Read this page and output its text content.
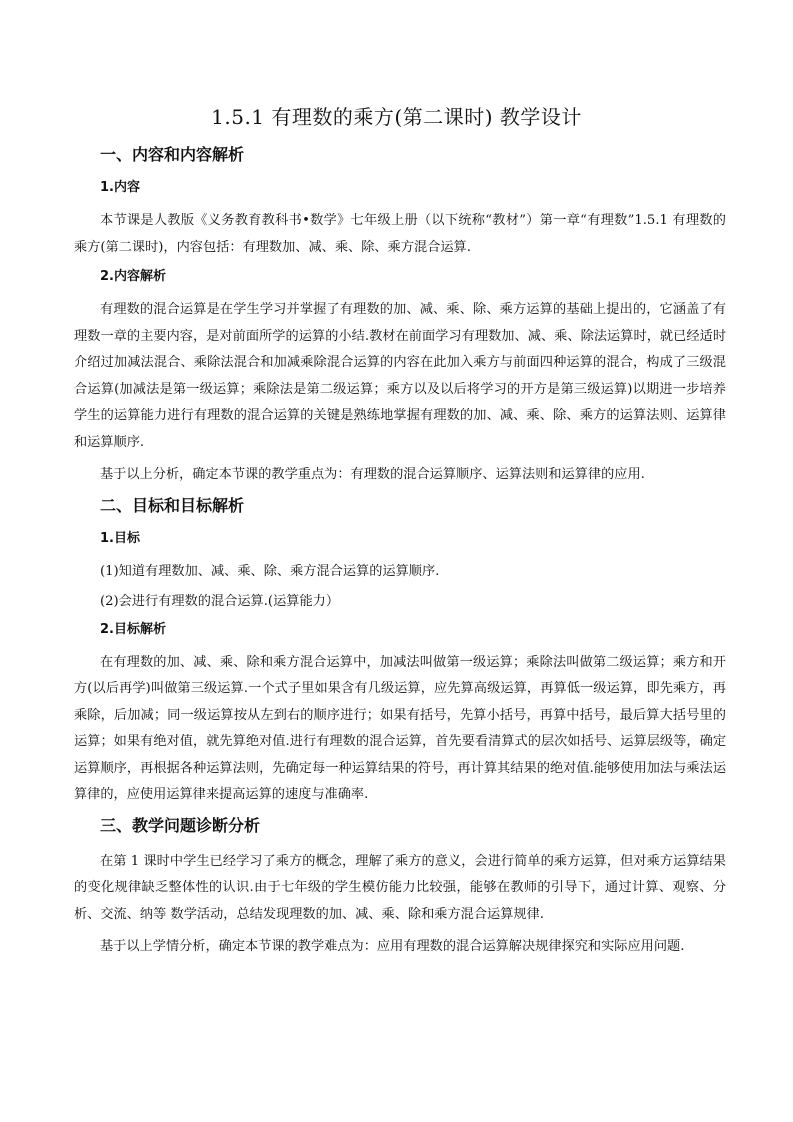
1.5.1 有理数的乘方(第二课时) 教学设计
一、内容和内容解析
1.内容

本节课是人教版《义务教育教科书•数学》七年级上册（以下统称“教材”）第一章“有理数”1.5.1 有理数的乘方(第二课时)，内容包括：有理数加、减、乘、除、乘方混合运算.

2.内容解析

有理数的混合运算是在学生学习并掌握了有理数的加、减、乘、除、乘方运算的基础上提出的，它涵盖了有理数一章的主要内容，是对前面所学的运算的小结.教材在前面学习有理数加、减、乘、除法运算时，就已经适时介绍过加减法混合、乘除法混合和加减乘除混合运算的内容在此加入乘方与前面四种运算的混合，构成了三级混合运算(加减法是第一级运算；乘除法是第二级运算；乘方以及以后将学习的开方是第三级运算)以期进一步培养学生的运算能力进行有理数的混合运算的关键是熟练地掌握有理数的加、减、乘、除、乘方的运算法则、运算律和运算顺序.

基于以上分析，确定本节课的教学重点为：有理数的混合运算顺序、运算法则和运算律的应用.

二、目标和目标解析
1.目标
(1)知道有理数加、减、乘、除、乘方混合运算的运算顺序.
(2)会进行有理数的混合运算.(运算能力）
2.目标解析

在有理数的加、减、乘、除和乘方混合运算中，加减法叫做第一级运算；乘除法叫做第二级运算；乘方和开方(以后再学)叫做第三级运算.一个式子里如果含有几级运算，应先算高级运算，再算低一级运算，即先乘方，再乘除，后加减；同一级运算按从左到右的顺序进行；如果有括号，先算小括号，再算中括号，最后算大括号里的运算；如果有绝对值，就先算绝对值.进行有理数的混合运算，首先要看清算式的层次如括号、运算层级等，确定运算顺序，再根据各种运算法则，先确定每一种运算结果的符号，再计算其结果的绝对值.能够使用加法与乘法运算律的，应使用运算律来提高运算的速度与准确率.

三、教学问题诊断分析

在第 1 课时中学生已经学习了乘方的概念，理解了乘方的意义，会进行简单的乘方运算，但对乘方运算结果的变化规律缺乏整体性的认识.由于七年级的学生模仿能力比较强，能够在教师的引导下，通过计算、观察、分析、交流、纳等 数学活动，总结发现理数的加、减、乘、除和乘方混合运算规律.

基于以上学情分析，确定本节课的教学难点为：应用有理数的混合运算解决规律探究和实际应用问题.
